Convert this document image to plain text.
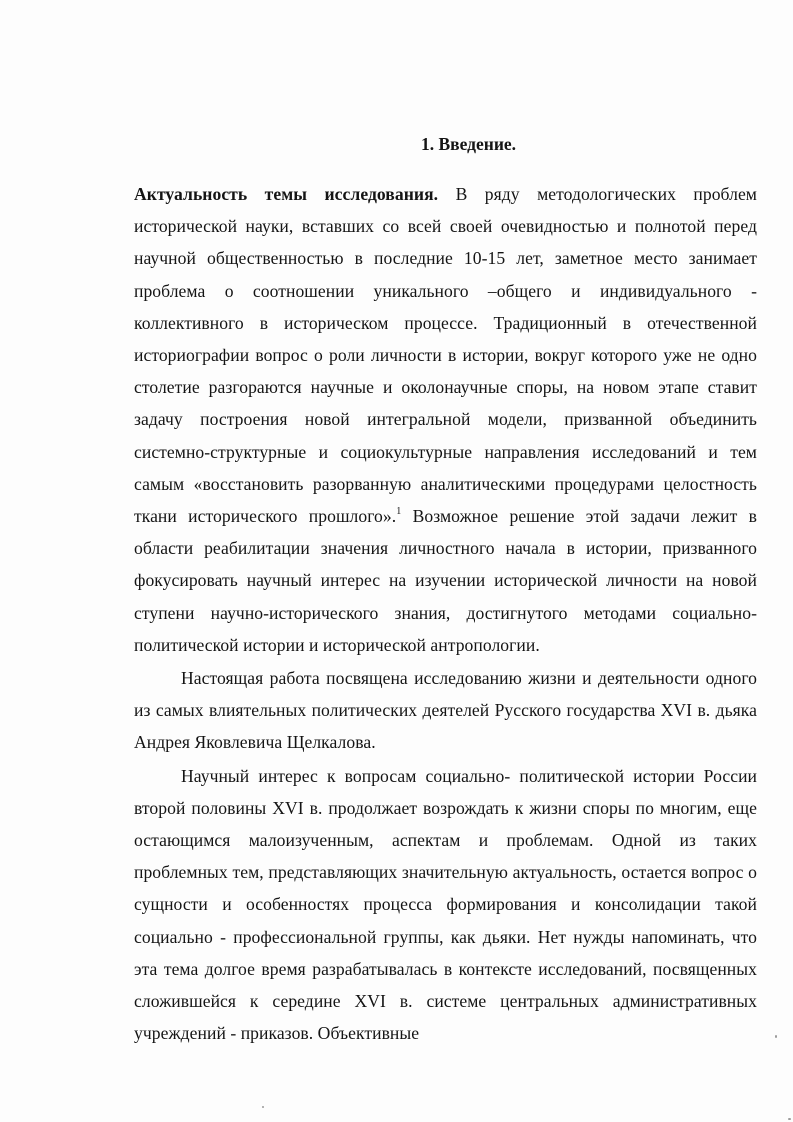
1. Введение.

Актуальность темы исследования. В ряду методологических проблем исторической науки, вставших со всей своей очевидностью и полнотой перед научной общественностью в последние 10-15 лет, заметное место занимает проблема о соотношении уникального –общего и индивидуального - коллективного в историческом процессе. Традиционный в отечественной историографии вопрос о роли личности в истории, вокруг которого уже не одно столетие разгораются научные и околонаучные споры, на новом этапе ставит задачу построения новой интегральной модели, призванной объединить системно-структурные и социокультурные направления исследований и тем самым «восстановить разорванную аналитическими процедурами целостность ткани исторического прошлого».$^1$ Возможное решение этой задачи лежит в области реабилитации значения личностного начала в истории, призванного фокусировать научный интерес на изучении исторической личности на новой ступени научно-исторического знания, достигнутого методами социально-политической истории и исторической антропологии.

Настоящая работа посвящена исследованию жизни и деятельности одного из самых влиятельных политических деятелей Русского государства XVI в. дьяка Андрея Яковлевича Щелкалова.

Научный интерес к вопросам социально- политической истории России второй половины XVI в. продолжает возрождать к жизни споры по многим, еще остающимся малоизученным, аспектам и проблемам. Одной из таких проблемных тем, представляющих значительную актуальность, остается вопрос о сущности и особенностях процесса формирования и консолидации такой социально - профессиональной группы, как дьяки. Нет нужды напоминать, что эта тема долгое время разрабатывалась в контексте исследований, посвященных сложившейся к середине XVI в. системе центральных административных учреждений - приказов. Объективные
